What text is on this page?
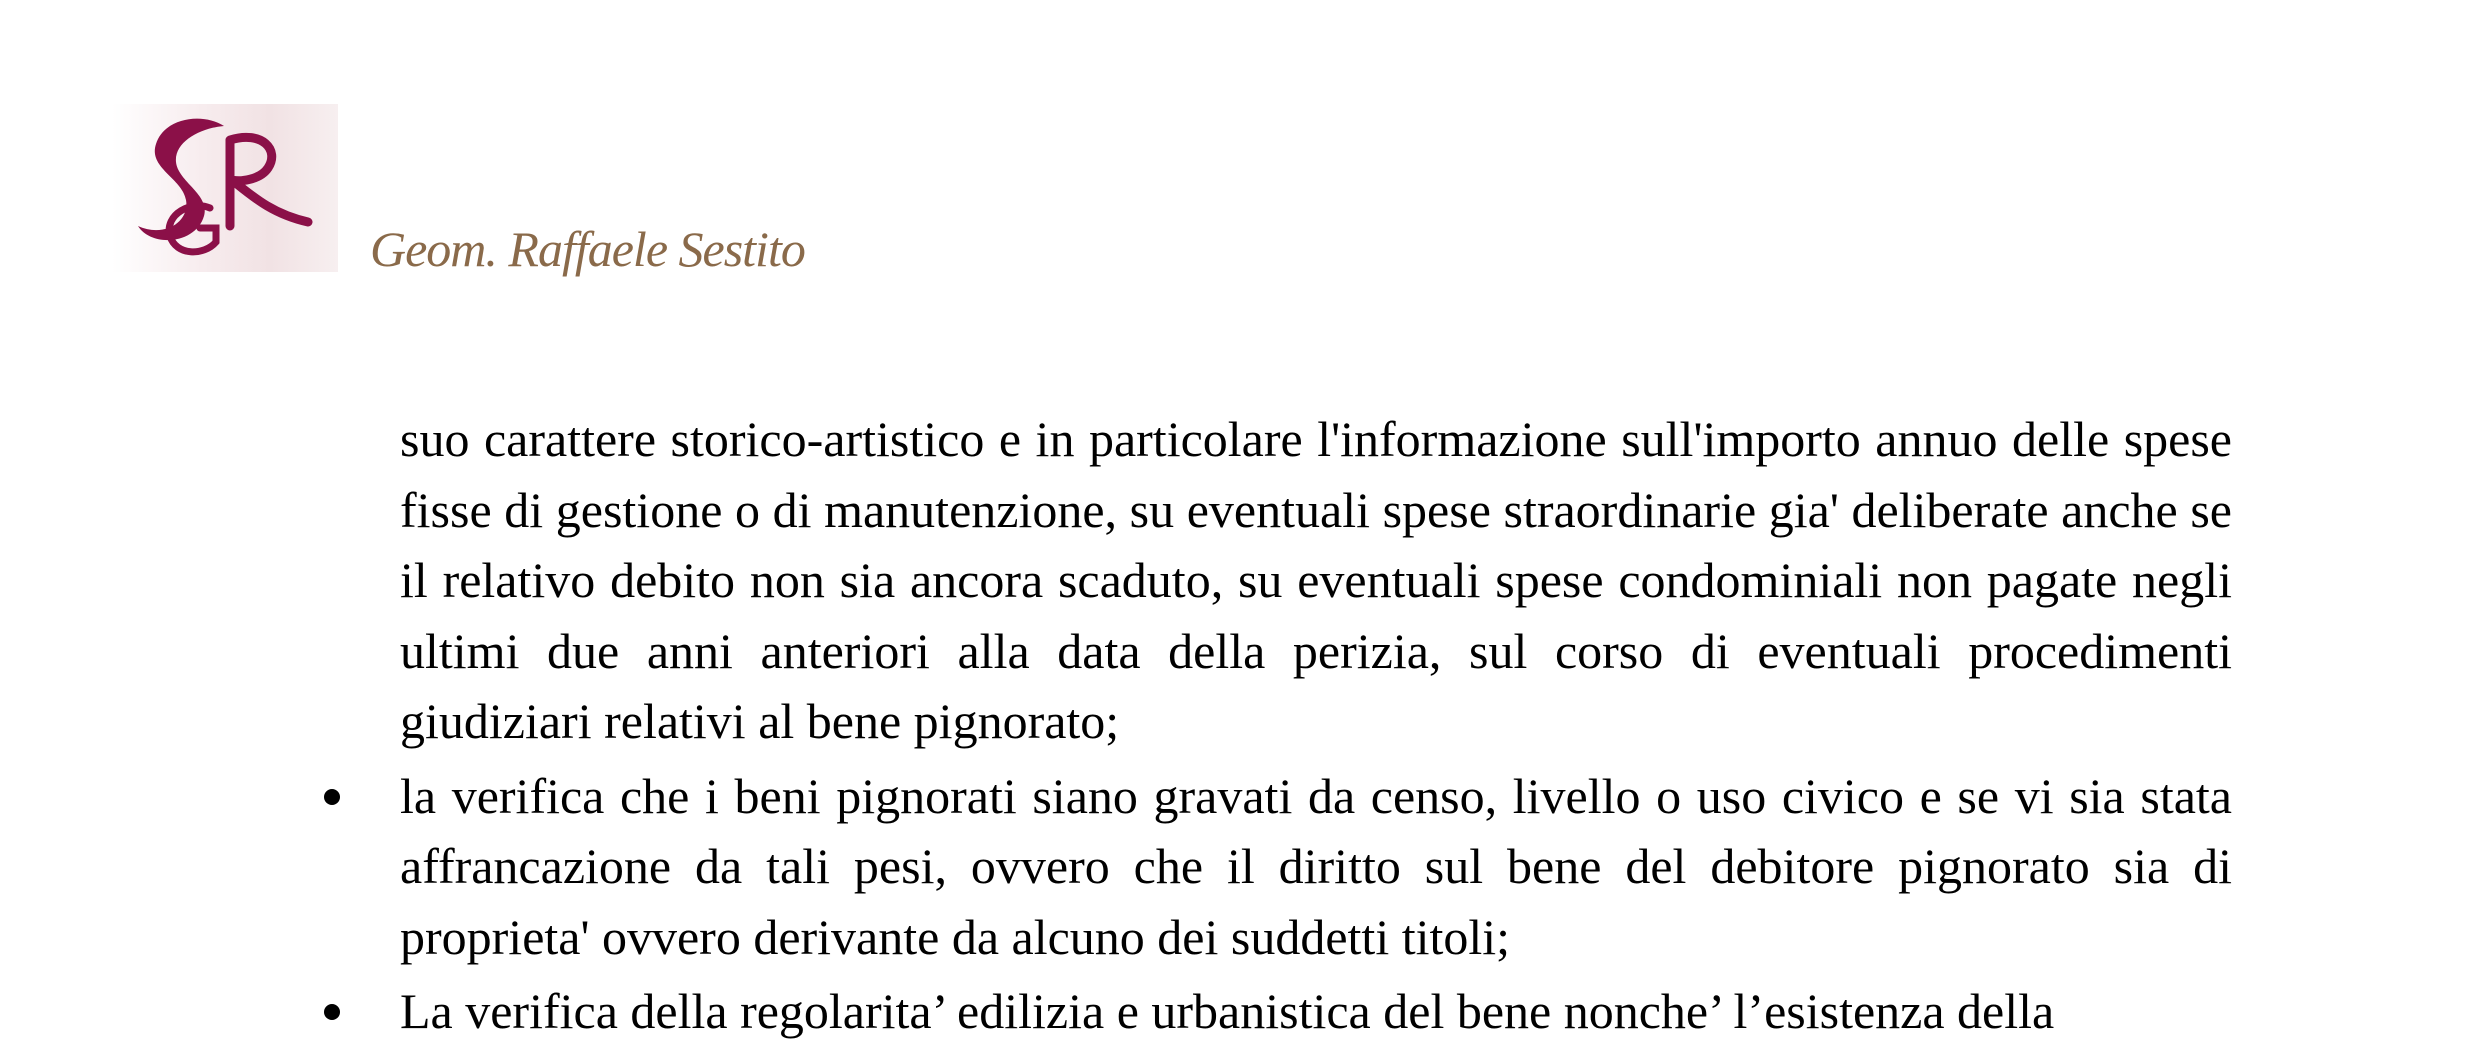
Geom. Raffaele Sestito

suo carattere storico-artistico e in particolare l'informazione sull'importo annuo delle spese fisse di gestione o di manutenzione, su eventuali spese straordinarie gia' deliberate anche se il relativo debito non sia ancora scaduto, su eventuali spese condominiali non pagate negli ultimi due anni anteriori alla data della perizia, sul corso di eventuali procedimenti giudiziari relativi al bene pignorato;

la verifica che i beni pignorati siano gravati da censo, livello o uso civico e se vi sia stata affrancazione da tali pesi, ovvero che il diritto sul bene del debitore pignorato sia di proprieta' ovvero derivante da alcuno dei suddetti titoli;
La verifica della regolarita’ edilizia e urbanistica del bene nonche’ l’esistenza della
